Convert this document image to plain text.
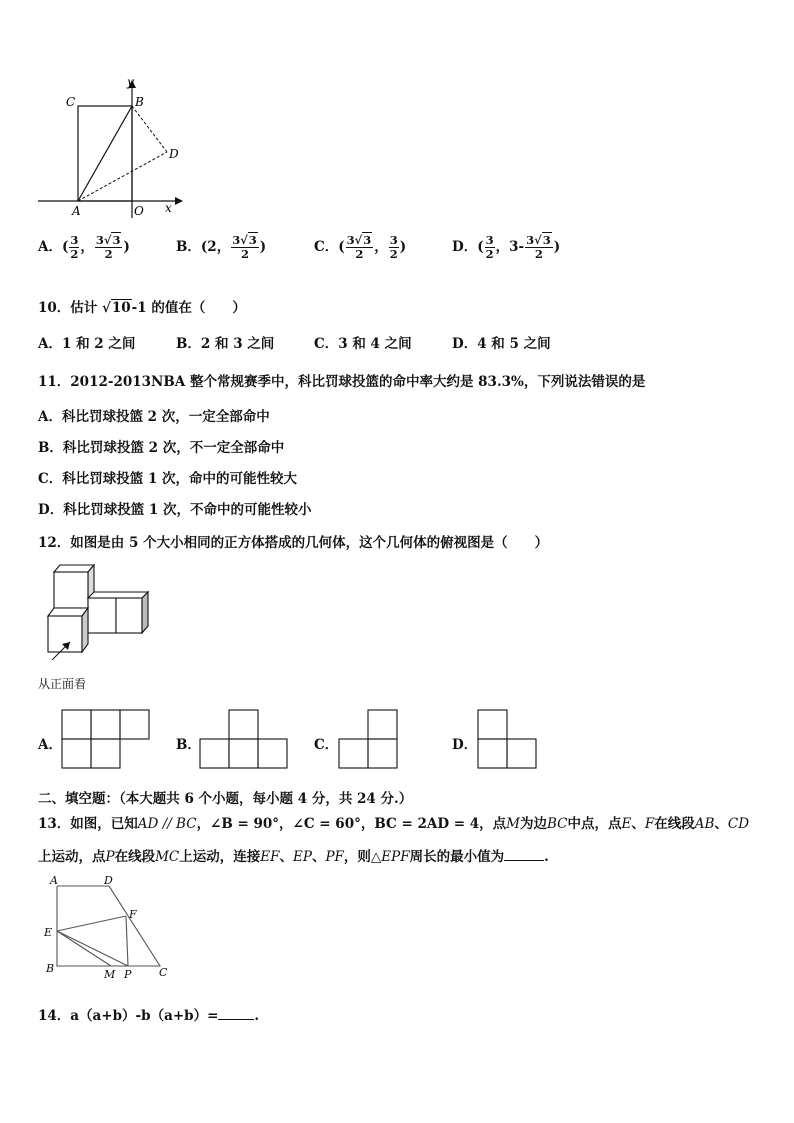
y
x
C	B
D
A	O
A．( $\frac{3}{2}$ ， $\frac{3√3}{2}$ )	B．(2， $\frac{3√3}{2}$ )	C．( $\frac{3√3}{2}$ ， $\frac{3}{2}$ )	D．( $\frac{3}{2}$ ，$3- \frac{3√3}{2}$ )
10．估计 √10-1 的值在（　　）
A．1 和 2 之间	B．2 和 3 之间	C．3 和 4 之间	D．4 和 5 之间
11．2012-2013NBA 整个常规赛季中，科比罚球投篮的命中率大约是 83.3%，下列说法错误的是
A．科比罚球投篮 2 次，一定全部命中
B．科比罚球投篮 2 次，不一定全部命中
C．科比罚球投篮 1 次，命中的可能性较大
D．科比罚球投篮 1 次，不命中的可能性较小
12．如图是由 5 个大小相同的正方体搭成的几何体，这个几何体的俯视图是（　　）
从正面看
A．	B．	C．	D．
二、填空题：（本大题共 6 个小题，每小题 4 分，共 24 分.）
13．如图，已知AD // BC，∠B = 90°，∠C = 60°，BC = 2AD = 4，点M为边BC中点，点E、F在线段AB、CD
上运动，点P在线段MC上运动，连接EF、EP、PF，则△EPF周长的最小值为	.
A	D
F
E
B	M P	C
14．a（a+b）-b（a+b）=	.
